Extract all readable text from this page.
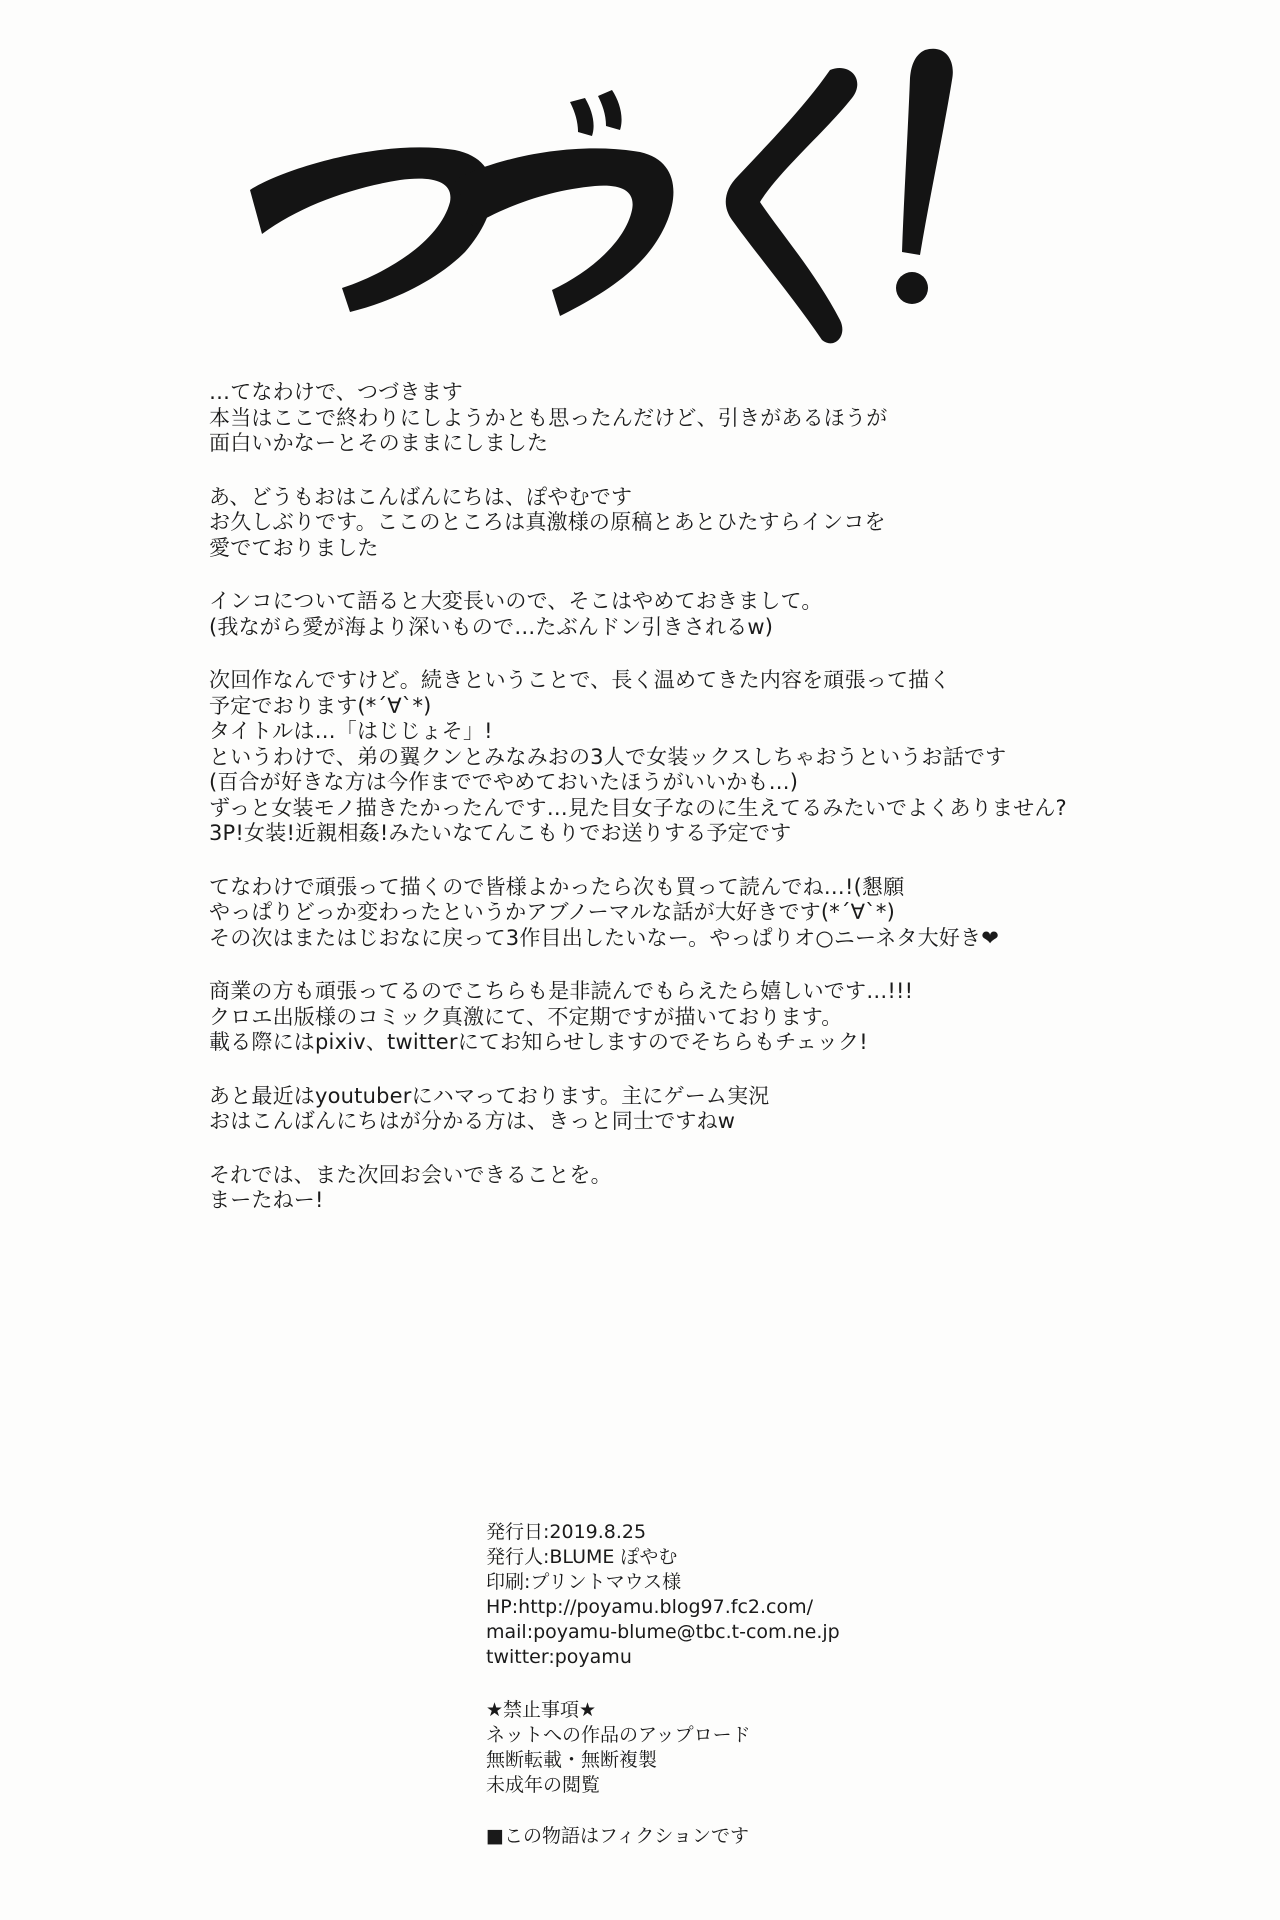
…てなわけで、つづきます
本当はここで終わりにしようかとも思ったんだけど、引きがあるほうが
面白いかなーとそのままにしました

あ、どうもおはこんばんにちは、ぽやむです
お久しぶりです。ここのところは真激様の原稿とあとひたすらインコを
愛でておりました

インコについて語ると大変長いので、そこはやめておきまして。
(我ながら愛が海より深いもので…たぶんドン引きされるw)

次回作なんですけど。続きということで、長く温めてきた内容を頑張って描く
予定でおります(*´∀`*)
タイトルは…「はじじょそ」!
というわけで、弟の翼クンとみなみおの3人で女装ックスしちゃおうというお話です
(百合が好きな方は今作まででやめておいたほうがいいかも…)
ずっと女装モノ描きたかったんです…見た目女子なのに生えてるみたいでよくありません?
3P!女装!近親相姦!みたいなてんこもりでお送りする予定です

てなわけで頑張って描くので皆様よかったら次も買って読んでね…!(懇願
やっぱりどっか変わったというかアブノーマルな話が大好きです(*´∀`*)
その次はまたはじおなに戻って3作目出したいなー。やっぱりオ○ニーネタ大好き❤

商業の方も頑張ってるのでこちらも是非読んでもらえたら嬉しいです…!!!
クロエ出版様のコミック真激にて、不定期ですが描いております。
載る際にはpixiv、twitterにてお知らせしますのでそちらもチェック!

あと最近はyoutuberにハマっております。主にゲーム実況
おはこんばんにちはが分かる方は、きっと同士ですねw

それでは、また次回お会いできることを。
まーたねー!

発行日:2019.8.25
発行人:BLUME ぽやむ
印刷:プリントマウス様
HP:http://poyamu.blog97.fc2.com/
mail:poyamu-blume@tbc.t-com.ne.jp
twitter:poyamu
★禁止事項★
ネットへの作品のアップロード
無断転載・無断複製
未成年の閲覧
■この物語はフィクションです
